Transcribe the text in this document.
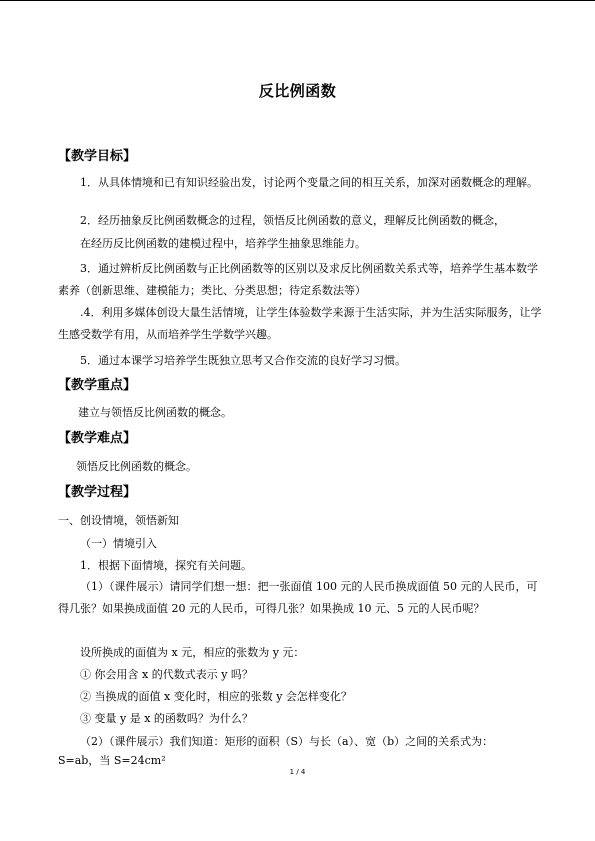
反比例函数
【教学目标】
1．从具体情境和已有知识经验出发，讨论两个变量之间的相互关系，加深对函数概念的理解。
2．经历抽象反比例函数概念的过程，领悟反比例函数的意义，理解反比例函数的概念，
在经历反比例函数的建模过程中，培养学生抽象思维能力。
3．通过辨析反比例函数与正比例函数等的区别以及求反比例函数关系式等，培养学生基本数学素养（创新思维、建模能力；类比、分类思想；待定系数法等）
.4．利用多媒体创设大量生活情境，让学生体验数学来源于生活实际，并为生活实际服务，让学生感受数学有用，从而培养学生学数学兴趣。
5．通过本课学习培养学生既独立思考又合作交流的良好学习习惯。
【教学重点】
建立与领悟反比例函数的概念。
【教学难点】
领悟反比例函数的概念。
【教学过程】
一、创设情境，领悟新知
（一）情境引入
1．根据下面情境，探究有关问题。
（1）（课件展示）请同学们想一想：把一张面值 100 元的人民币换成面值 50 元的人民币，可得几张？如果换成面值 20 元的人民币，可得几张？如果换成 10 元、5 元的人民币呢？
设所换成的面值为 x 元，相应的张数为 y 元：
① 你会用含 x 的代数式表示 y 吗？
② 当换成的面值 x 变化时，相应的张数 y 会怎样变化？
③ 变量 y 是 x 的函数吗？为什么？
（2）（课件展示）我们知道：矩形的面积（S）与长（a）、宽（b）之间的关系式为：
S=ab，当 S=24cm²
1 / 4
